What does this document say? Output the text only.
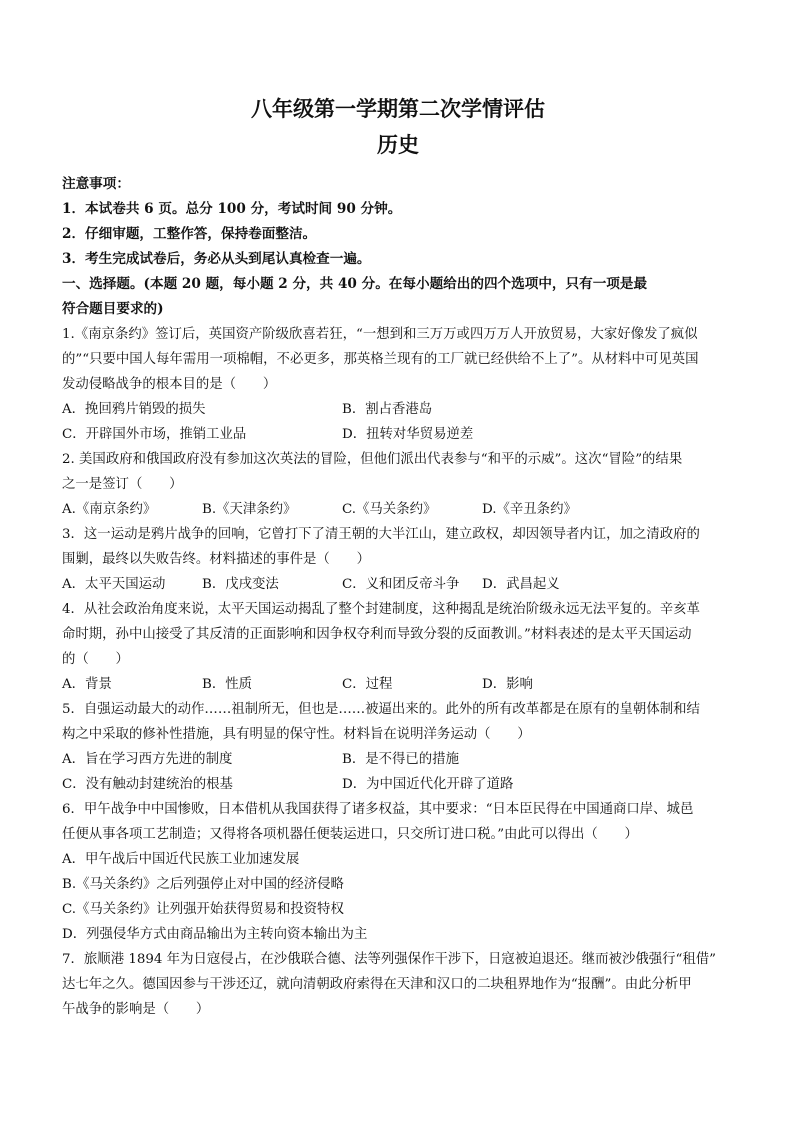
八年级第一学期第二次学情评估
历史

注意事项：

1．本试卷共 6 页。总分 100 分，考试时间 90 分钟。

2．仔细审题，工整作答，保持卷面整洁。

3．考生完成试卷后，务必从头到尾认真检查一遍。

一、选择题。(本题 20 题，每小题 2 分，共 40 分。在每小题给出的四个选项中，只有一项是最

符合题目要求的)

1.《南京条约》签订后，英国资产阶级欣喜若狂，“一想到和三万万或四万万人开放贸易，大家好像发了疯似

的”“只要中国人每年需用一项棉帽，不必更多，那英格兰现有的工厂就已经供给不上了”。从材料中可见英国

发动侵略战争的根本目的是（　　）

A．挽回鸦片销毁的损失	B．割占香港岛
C．开辟国外市场，推销工业品	D．扭转对华贸易逆差

2. 美国政府和俄国政府没有参加这次英法的冒险，但他们派出代表参与“和平的示威”。这次“冒险”的结果

之一是签订（　　）

A.《南京条约》	B.《天津条约》	C.《马关条约》	D.《辛丑条约》

3．这一运动是鸦片战争的回响，它曾打下了清王朝的大半江山，建立政权，却因领导者内讧，加之清政府的

围剿，最终以失败告终。材料描述的事件是（　　）

A．太平天国运动	B．戊戌变法	C．义和团反帝斗争	D．武昌起义

4．从社会政治角度来说，太平天国运动揭乱了整个封建制度，这种揭乱是统治阶级永远无法平复的。辛亥革

命时期，孙中山接受了其反清的正面影响和因争权夺利而导致分裂的反面教训。”材料表述的是太平天国运动

的（　　）

A．背景	B．性质	C．过程	D．影响

5．自强运动最大的动作……祖制所无，但也是……被逼出来的。此外的所有改革都是在原有的皇朝体制和结

构之中采取的修补性措施，具有明显的保守性。材料旨在说明洋务运动（　　）

A．旨在学习西方先进的制度	B．是不得已的措施
C．没有触动封建统治的根基	D．为中国近代化开辟了道路

6．甲午战争中中国惨败，日本借机从我国获得了诸多权益，其中要求：“日本臣民得在中国通商口岸、城邑

任便从事各项工艺制造；又得将各项机器任便装运进口，只交所订进口税。”由此可以得出（　　）

A．甲午战后中国近代民族工业加速发展

B.《马关条约》之后列强停止对中国的经济侵略

C.《马关条约》让列强开始获得贸易和投资特权

D．列强侵华方式由商品输出为主转向资本输出为主

7．旅顺港 1894 年为日寇侵占，在沙俄联合德、法等列强保作干涉下，日寇被迫退还。继而被沙俄强行“租借”

达七年之久。德国因参与干涉还辽，就向清朝政府索得在天津和汉口的二块租界地作为“报酬”。由此分析甲

午战争的影响是（　　）
